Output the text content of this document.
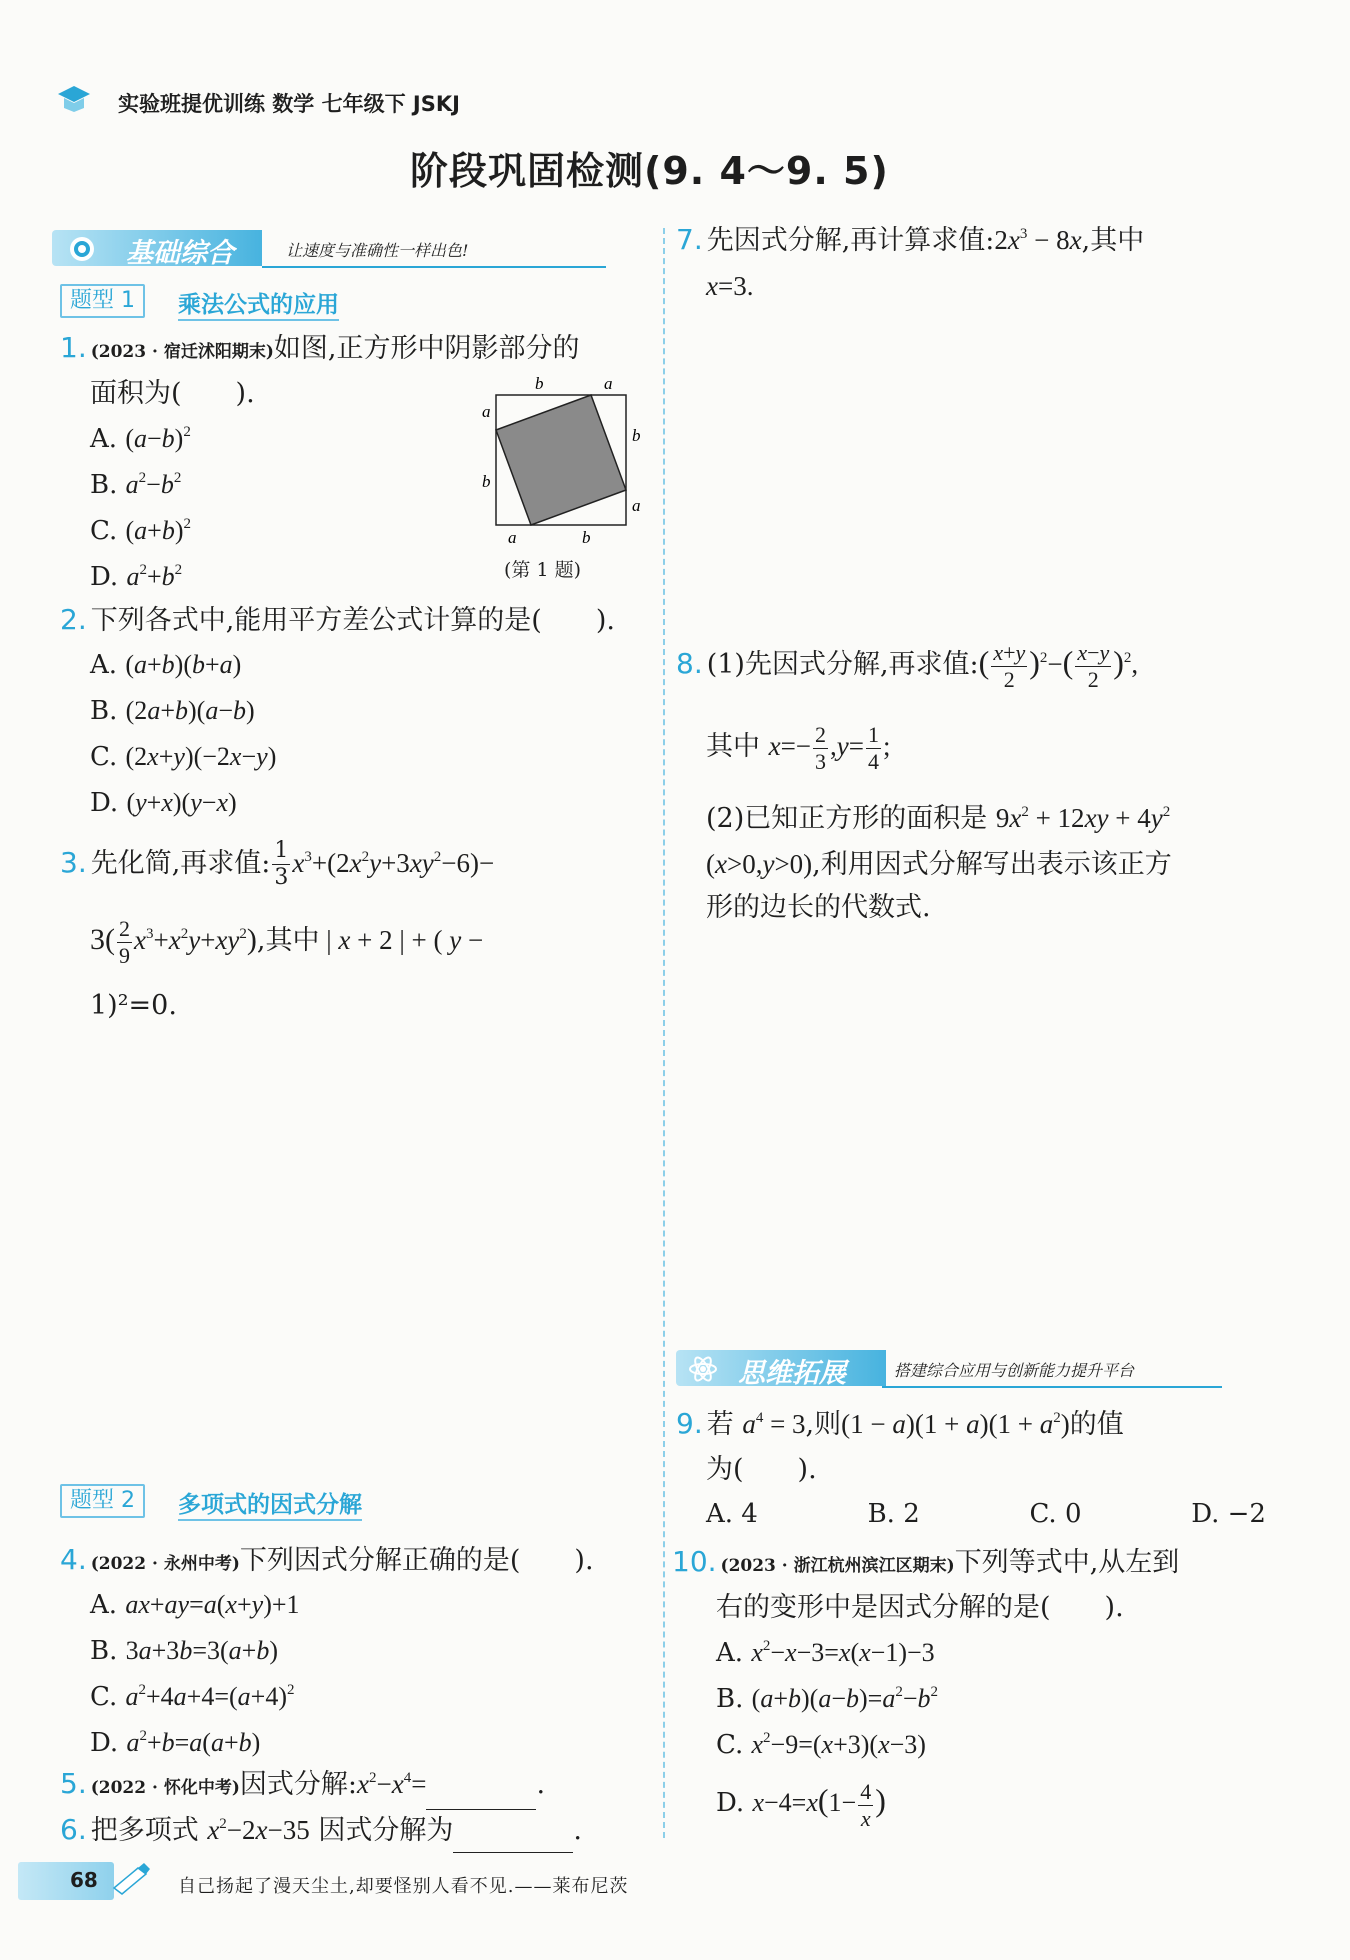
实验班提优训练 数学 七年级下 JSKJ
阶段巩固检测(9. 4～9. 5)
基础综合	让速度与准确性一样出色!
题型 1	乘法公式的应用
1. (2023 · 宿迁沭阳期末)如图,正方形中阴影部分的
面积为(　　).
A. $(a-b)^2$
B. $a^2-b^2$
C. $(a+b)^2$
D. $a^2+b^2$
b	a
a
b
b
a
a	b
(第 1 题)
2. 下列各式中,能用平方差公式计算的是(　　).
A. (a+b)(b+a)
B. (2a+b)(a−b)
C. (2x+y)(−2x−y)
D. (y+x)(y−x)
3. 先化简,再求值: $\frac{1}{3} x^3+(2x^2y+3xy^2-6)-$
$3( \frac{2}{9} x^3+x^2y+xy^2)$,其中 | x + 2 | + ( y −
1)²=0.
题型 2	多项式的因式分解
4. (2022 · 永州中考)下列因式分解正确的是(　　).
A. ax+ay=a(x+y)+1
B. 3a+3b=3(a+b)
C. $a^2+4a+4=(a+4)^2$
D. $a^2+b=a(a+b)$
5. (2022 · 怀化中考)因式分解$:x^2-x^4=$	.
6. 把多项式 $x^2-2x-35$ 因式分解为	.
7. 先因式分解,再计算求值$:2x^3 - 8x$,其中
x=3.
8. (1)先因式分解,再求值:( $\frac{x+y}{2} )^2-( \frac{x-y}{2} )^2$,
其中 $x=- \frac{2}{3} ,y= \frac{1}{4}$ ;
(2)已知正方形的面积是 $9x^2 + 12xy + 4y^2$
(x>0,y>0),利用因式分解写出表示该正方
形的边长的代数式.
思维拓展	搭建综合应用与创新能力提升平台
9. 若 $a^4 = 3$,则$(1 - a)(1 + a)(1 + a^2)$的值
为(　　).
A. 4	B. 2	C. 0	D. −2
10. (2023 · 浙江杭州滨江区期末)下列等式中,从左到
右的变形中是因式分解的是(　　).
A. $x^2-x-3=x(x-1)-3$
B. $(a+b)(a-b)=a^2-b^2$
C. $x^2-9=(x+3)(x-3)$
D. $x-4=x(1- \frac{4}{x}$ )
68	自己扬起了漫天尘土,却要怪别人看不见.——莱布尼茨
